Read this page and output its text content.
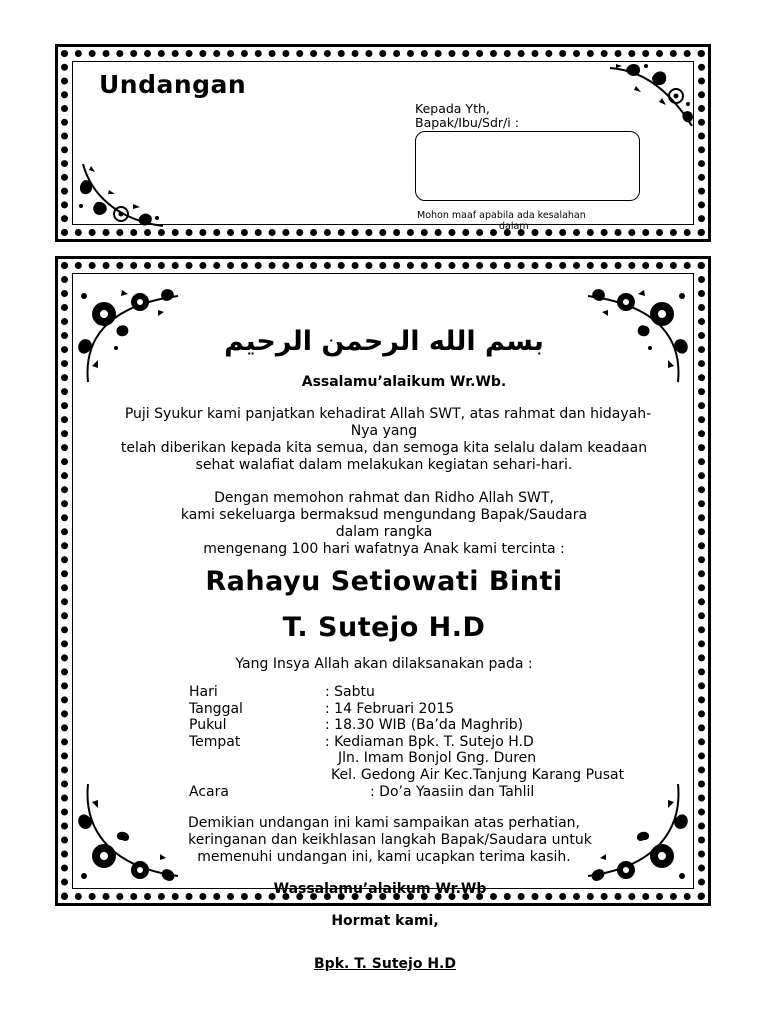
Undangan
Kepada Yth,
Bapak/Ibu/Sdr/i :
Mohon maaf apabila ada kesalahan
dalam
بسم الله الرحمن الرحيم
Assalamu’alaikum Wr.Wb.
Puji Syukur kami panjatkan kehadirat Allah SWT, atas rahmat dan hidayah-
Nya yang
telah diberikan kepada kita semua, dan semoga kita selalu dalam keadaan
sehat walafiat dalam melakukan kegiatan sehari-hari.
Dengan memohon rahmat dan Ridho Allah SWT,
kami sekeluarga bermaksud mengundang Bapak/Saudara
dalam rangka
mengenang 100 hari wafatnya Anak kami tercinta :
Rahayu Setiowati Binti
T. Sutejo H.D
Yang Insya Allah akan dilaksanakan pada :
Hari	: Sabtu
Tanggal	: 14 Februari 2015
Pukul	: 18.30 WIB (Ba’da Maghrib)
Tempat	: Kediaman Bpk. T. Sutejo H.D
Jln. Imam Bonjol Gng. Duren
Kel. Gedong Air Kec.Tanjung Karang Pusat
Acara	: Do’a Yaasiin dan Tahlil
Demikian undangan ini kami sampaikan atas perhatian,
keringanan dan keikhlasan langkah Bapak/Saudara untuk
memenuhi undangan ini, kami ucapkan terima kasih.
Wassalamu’alaikum Wr.Wb
Hormat kami,
Bpk. T. Sutejo H.D
